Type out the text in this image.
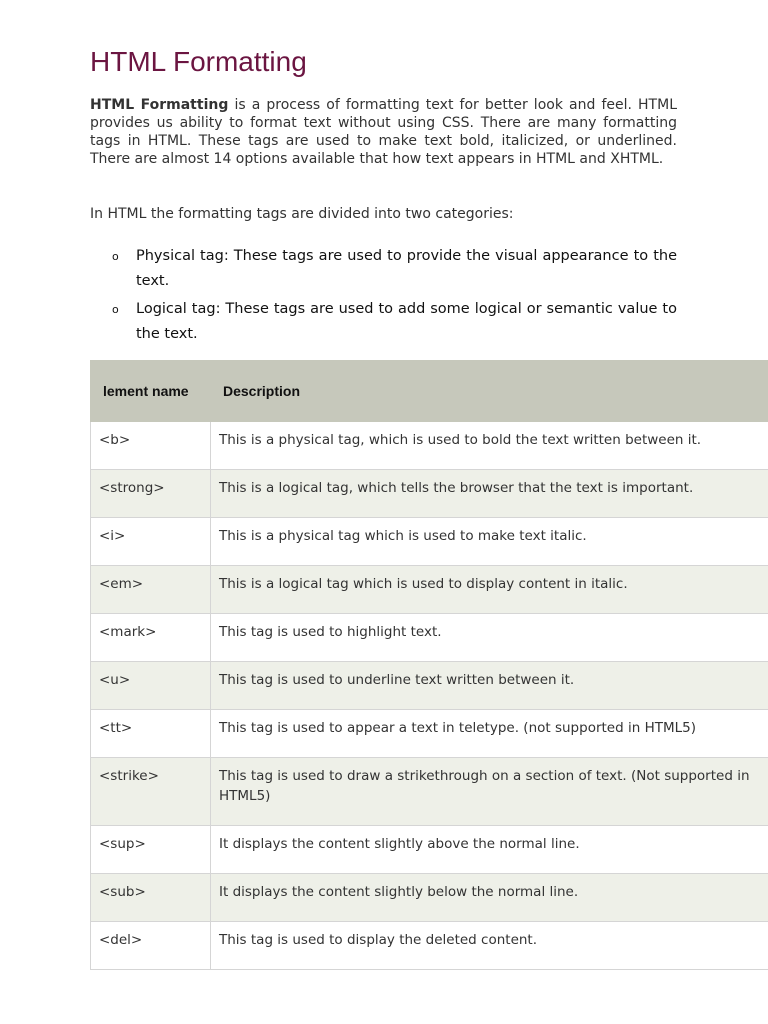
HTML Formatting

HTML Formatting is a process of formatting text for better look and feel. HTML provides us ability to format text without using CSS. There are many formatting tags in HTML. These tags are used to make text bold, italicized, or underlined. There are almost 14 options available that how text appears in HTML and XHTML.

In HTML the formatting tags are divided into two categories:

o Physical tag: These tags are used to provide the visual appearance to the text.
o Logical tag: These tags are used to add some logical or semantic value to the text.
lement name	Description
<b>	This is a physical tag, which is used to bold the text written between it.
<strong>	This is a logical tag, which tells the browser that the text is important.
<i>	This is a physical tag which is used to make text italic.
<em>	This is a logical tag which is used to display content in italic.
<mark>	This tag is used to highlight text.
<u>	This tag is used to underline text written between it.
<tt>	This tag is used to appear a text in teletype. (not supported in HTML5)
<strike>	This tag is used to draw a strikethrough on a section of text. (Not supported in HTML5)
<sup>	It displays the content slightly above the normal line.
<sub>	It displays the content slightly below the normal line.
<del>	This tag is used to display the deleted content.
